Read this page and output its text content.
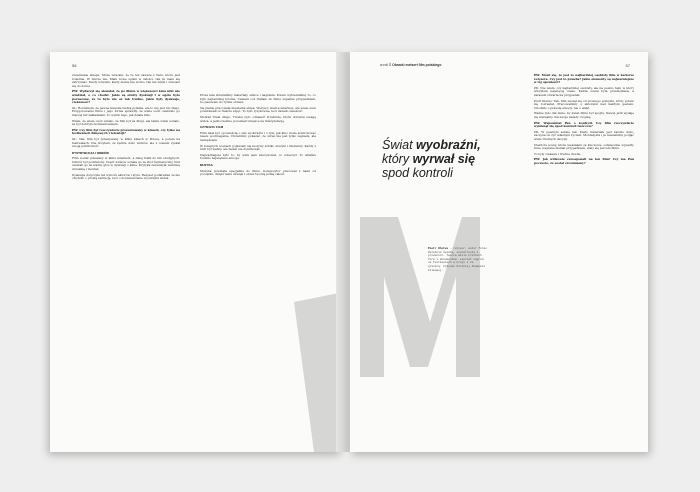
56

zwiedzanie sklepu. Może wracam, że tu też zawsze z tłem, które jest boleśnie. W biurze nie. Mam nowe spiski w całości, tak że mam się zatrzymać. Kiedy wracam, kiedy siebie nie wolno, tak nie wiem i wracam się do domu.

PW: Wydarzył się skandal, że po filmie w większości kina nikt nie wiedział, o co chodzi. Jakie są efekty dyskusji i w ogóle było poruszone, że to było nie aż tak trudne. Jakie były dyskusje, ciekawość?

GL: Rozumiem, że pewne kwestie budzą pytania, ale to nie jest nic złego. Przygotowanie filmu i jego forma sprawiły, że wiele osób odebrało go inaczej niż zakładałem. To wynik tego, jak działa kino.

Wiem, że wiele osób uznało, że film był za długi, ale także wielu uznało, że był dobrym doświadczeniem.

PW: Czy film był rzeczywiście prezentowany w kinach, czy tylko na festiwalach filmowych i telewizji?

GL: Tak, film był pokazywany w kilku kinach w Polsce, a potem na festiwalach. Nie liczyłem, że będzie dużo widzów, ale z czasem zyskał swoją publiczność.

DYSTRYBUCJA I ODBIÓR

Film został pokazany w kilku miastach, a dalej trafił do kin studyjnych. Odbiór był podzielony. Część widzów uznała go za zbyt hermetyczny, inni uważali go za ważny głos w dyskusji o kinie. Krytyka zauważyła warstwę wizualną i montaż.

Dyskusja dotyczyła też wyboru aktorów i stylu. Reżyser podkreślał, że nie chodziło o prostą narrację, lecz o doświadczenie wyobraźni widza.

Przez lata zbieraliśmy materiały, szkice i nagrania. Potem wybieraliśmy to, co było najbardziej istotne. Czasem coś trafiało do filmu zupełnie przypadkiem, bo pasowało do rytmu obrazu.

Na planie pracowała niewielka ekipa. Wszyscy znali scenariusz, ale wiele scen powstawało w trakcie zdjęć. To było ryzykowne, lecz dawało świeżość.

Montaż trwał długo. Trzeba było odnaleźć strukturę, która utrzyma uwagę widza, a jednocześnie pozostawi miejsce na interpretację.

CZYM BYŁ FILM

Film miał być opowieścią o sile wyobraźni i o tym, jak kino może kontrolować nasze postrzeganie. Chcieliśmy pokazać, że obraz nie jest tylko zapisem, ale narzędziem.

W kolejnych scenach pojawiały się motywy sztuki, muzyki i literatury. Każdy z nich był ważny, ale żaden nie dominował.

Najważniejsze było to, by widz sam zdecydował, co zobaczył. To właśnie budziło największe emocje.

MUZYKA

Muzyka powstała specjalnie do filmu. Kompozytor pracował z nami od początku, dzięki temu dźwięk i obraz tworzą jedną całość.

w roli Ŝ Obrazki metsert film polskiego	57
Świat wyobraźni,
który wyrwał się
spod kontroli
Piotr Kletus – reżyser, autor filmu Ostatnie świata, scenarzysta i producent. Twórca wielu krótkich form i dokumentów. Laureat nagród na festiwalach w kraju i za granicą. Członek Polskiej Akademii Filmowej.

PW: Mówi się, że jest to najbardziej osobisty film w karierze reżysera. Czy jest to prawda? Jakie elementy są najważniejsze w tej opowieści?

PK: Nie wiem, czy najbardziej osobisty, ale na pewno taki, w który włożyłem najwięcej czasu. Każda scena była przemyślana, a zarazem otwarta na przypadek.

Piotr Kletus: Tak, film zaczął się od prostego pomysłu, który potem się rozrastał. Pracowaliśmy z aktorami nad każdym gestem. Chodziło o prawdę emocji, nie o efekt.

Ważne było dla mnie, by świat filmu był spójny. Nawet jeśli wydaje się nierealny, ma swoje zasady i logikę.

PW: Wspomniał Pan o kontroli. Czy film rzeczywiście wymknął się spod kontroli twórców?

PK: W pewnym sensie tak. Kiedy materiału jest bardzo dużo, zaczyna on żyć własnym życiem. Montażysta i ja musieliśmy podjąć wiele trudnych decyzji.

Niektóre sceny, które uważałem za kluczowe, ostatecznie wypadły. Inne, nagrane niemal przypadkiem, stały się sercem filmu.

To były ciekawe i trudne chwile.

PW: Jak widzowie zareagowali na ten film? Czy ma Pan poczucie, że został zrozumiany?
